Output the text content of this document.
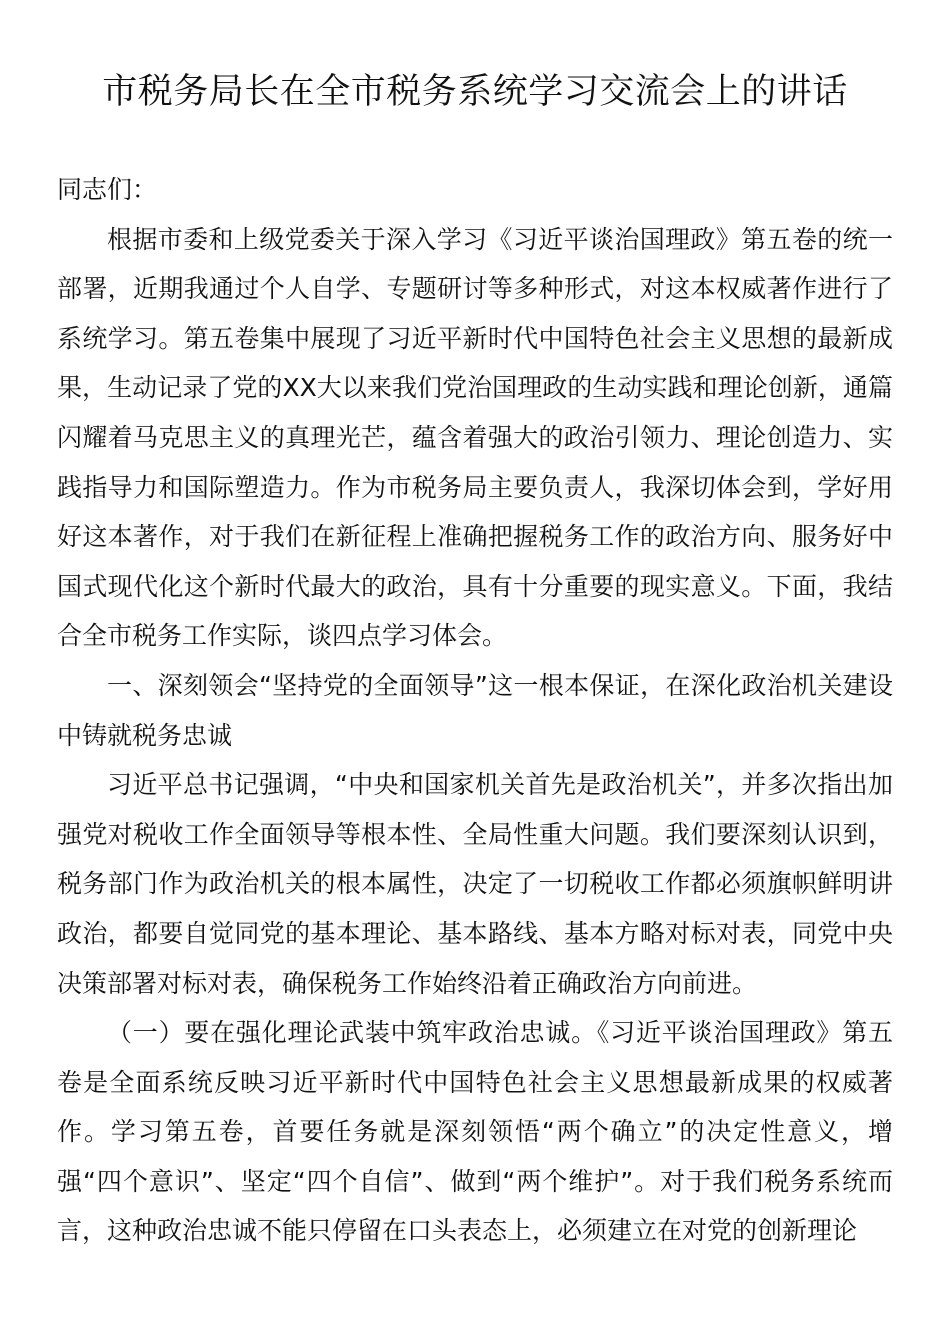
市税务局长在全市税务系统学习交流会上的讲话

同志们：

根据市委和上级党委关于深入学习《习近平谈治国理政》第五卷的统一部署，近期我通过个人自学、专题研讨等多种形式，对这本权威著作进行了系统学习。第五卷集中展现了习近平新时代中国特色社会主义思想的最新成果，生动记录了党的XX大以来我们党治国理政的生动实践和理论创新，通篇闪耀着马克思主义的真理光芒，蕴含着强大的政治引领力、理论创造力、实践指导力和国际塑造力。作为市税务局主要负责人，我深切体会到，学好用好这本著作，对于我们在新征程上准确把握税务工作的政治方向、服务好中国式现代化这个新时代最大的政治，具有十分重要的现实意义。下面，我结合全市税务工作实际，谈四点学习体会。

一、深刻领会“坚持党的全面领导”这一根本保证，在深化政治机关建设中铸就税务忠诚

习近平总书记强调，“中央和国家机关首先是政治机关”，并多次指出加强党对税收工作全面领导等根本性、全局性重大问题。我们要深刻认识到，税务部门作为政治机关的根本属性，决定了一切税收工作都必须旗帜鲜明讲政治，都要自觉同党的基本理论、基本路线、基本方略对标对表，同党中央决策部署对标对表，确保税务工作始终沿着正确政治方向前进。

（一）要在强化理论武装中筑牢政治忠诚。《习近平谈治国理政》第五卷是全面系统反映习近平新时代中国特色社会主义思想最新成果的权威著作。学习第五卷，首要任务就是深刻领悟“两个确立”的决定性意义，增强“四个意识”、坚定“四个自信”、做到“两个维护”。对于我们税务系统而言，这种政治忠诚不能只停留在口头表态上，必须建立在对党的创新理论
